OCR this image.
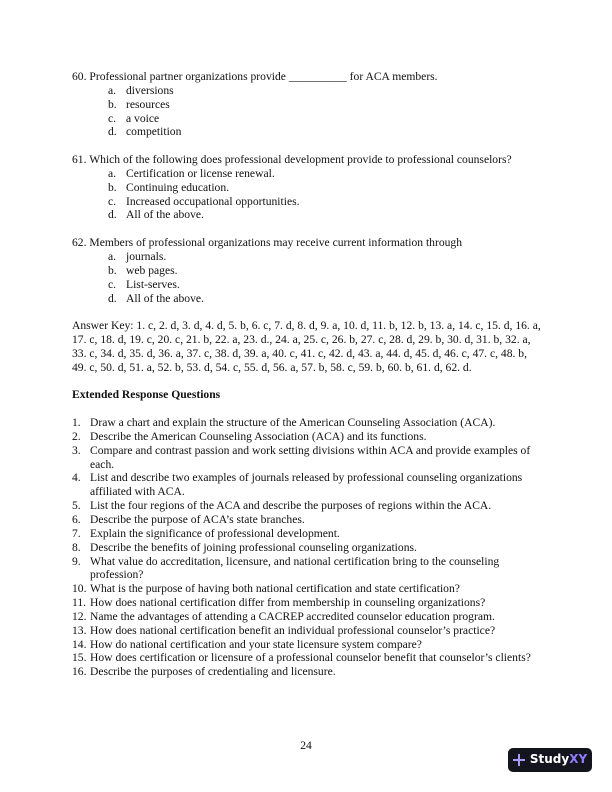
60. Professional partner organizations provide __________ for ACA members.
a. diversions
b. resources
c. a voice
d. competition
61. Which of the following does professional development provide to professional counselors?
a. Certification or license renewal.
b. Continuing education.
c. Increased occupational opportunities.
d. All of the above.
62. Members of professional organizations may receive current information through
a. journals.
b. web pages.
c. List-serves.
d. All of the above.

Answer Key: 1. c, 2. d, 3. d, 4. d, 5. b, 6. c, 7. d, 8. d, 9. a, 10. d, 11. b, 12. b, 13. a, 14. c, 15. d, 16. a, 17. c, 18. d, 19. c, 20. c, 21. b, 22. a, 23. d., 24. a, 25. c, 26. b, 27. c, 28. d, 29. b, 30. d, 31. b, 32. a, 33. c, 34. d, 35. d, 36. a, 37. c, 38. d, 39. a, 40. c, 41. c, 42. d, 43. a, 44. d, 45. d, 46. c, 47. c, 48. b, 49. c, 50. d, 51. a, 52. b, 53. d, 54. c, 55. d, 56. a, 57. b, 58. c, 59. b, 60. b, 61. d, 62. d.

Extended Response Questions
1. Draw a chart and explain the structure of the American Counseling Association (ACA).
2. Describe the American Counseling Association (ACA) and its functions.
3. Compare and contrast passion and work setting divisions within ACA and provide examples of each.
4. List and describe two examples of journals released by professional counseling organizations affiliated with ACA.
5. List the four regions of the ACA and describe the purposes of regions within the ACA.
6. Describe the purpose of ACA’s state branches.
7. Explain the significance of professional development.
8. Describe the benefits of joining professional counseling organizations.
9. What value do accreditation, licensure, and national certification bring to the counseling profession?
10. What is the purpose of having both national certification and state certification?
11. How does national certification differ from membership in counseling organizations?
12. Name the advantages of attending a CACREP accredited counselor education program.
13. How does national certification benefit an individual professional counselor’s practice?
14. How do national certification and your state licensure system compare?
15. How does certification or licensure of a professional counselor benefit that counselor’s clients?
16. Describe the purposes of credentialing and licensure.
24
StudyXY
